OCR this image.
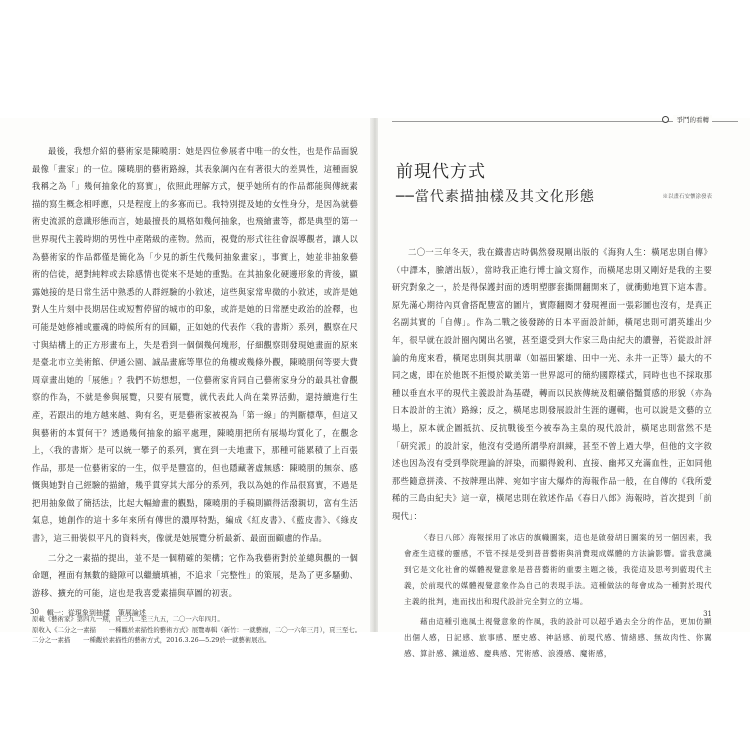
最後，我想介紹的藝術家是陳曉朋：她是四位參展者中唯一的女性，也是作品面貌最像「畫家」的一位。陳曉朋的藝術路線，其表象調內在有著很大的差異性，這種面貌我稱之為「」幾何抽象化的寫實」，依照此理解方式，便乎她所有的作品都能與傳統素描的寫生概念相呼應，只是程度上的多寡而已。我特別提及她的女性身分，是因為就藝術史流派的意識形態而言，她最擅長的風格如幾何抽象，也飛繪畫等，都是典型的第一世界現代主義時期的男性中產階級的產物。然而，視覺的形式往往會誤導觀者，讓人以為藝術家的作品都僅是簡化為「少見的新生代幾何抽象畫家」，事實上，她並非抽象藝術的信徒，絕對純粹或去除感情也從來不是她的重點。在其抽象化硬邊形象的背後，顯露她接的是日常生活中熟悉的人群經驗的小敘述，這些與家常卑微的小敘述，或許是她對人生片刻中長期居住或短暫停留的城市的印象，或許是她的日常歷史政治的詮釋，也可能是她修補或靈魂的時候所有的回顧，正如她的代表作〈我的書斯〉系列，觀察在尺寸與結構上的正方形畫布上，失是看到一個個幾何塊形，仔細觀察則發現她畫面的原來是臺北市立美術館、伊通公園、誠品畫廊等單位的角樓或幾條外觀，陳曉朋何等要大費周章畫出她的「展態」？我們不妨想想，一位藝術家肯同自己藝術家身分的最具社會觀察的作為，不就是參與展覽，只要有展覽，就代表此人尚在業界活動，還持續進行生產，若跟出的地方越來越、夠有名，更是藝術家被視為「第一線」的判斷標準，但這又與藝術的本質何干？透過幾何抽象的縮平處理，陳曉朋把所有展場均質化了，在觀念上，〈我的書斯〉是可以統一攀子的系列，實在到一夫地畫下，那種可能累積了上百張作品，那是一位藝術家的一生，似乎是豐富的，但也隱藏著虛無感：陳曉朋的無奈、感慨與她對自己經驗的描繪，幾乎貫穿其大部分的系列，我以為她的作品很寫實，不過是把用抽象做了簡括法，比起大幅繪畫的觀點，陳曉朋的手稿則顯得活潑親切，富有生活氣息，她創作的這十多年來所有傳世的濃厚特點，編成《紅皮書》、《藍皮書》、《綠皮書》，這三冊裝似平凡的資料夾，像就是她展覽分析最新、最面面顧慮的作品。

二分之一素描的提出，並不是一個精確的架構；它作為我藝術對於並總與觀的一個命題，裡面有無數的縫隙可以繼續填補，不追求「完整性」的策展，是為了更多騷動、游移、擴充的可能，這也是我喜愛素描與草圖的初衷。

原載《藝術家》第四九一期，頁三九二至三九五，二〇一六年四月。
原收入《二分之一素描　　一種觀於素描性的藝術方式》展覽專輯（新竹：一就藝廊，二〇一六年三月），頁三至七。
二分之一素描　　一種觀於素描性的藝術方式，2016.3.26—5.29於一就藝術展出。
30 輯一：從現象到抽樣 策展論述
爭鬥的看轉
前現代方式
──當代素描抽樣及其文化形態	※以畫石安懷涂發表

二〇一三年冬天，我在鐵書店時偶然發現剛出版的《海狗人生：橫尾忠則自傳》（中譯本，臉譜出版），當時我正進行博士論文寫作，而橫尾忠則又剛好是我的主要研究對象之一，於是得保護封面的透明塑膠套撕開翻開來了，就衝動地買下這本書。原先滿心期待內頁會搭配豐富的圖片，實際翻閱才發現裡面一張彩圖也沒有，是真正名副其實的「自傳」。作為二戰之後發跡的日本平面設計師，橫尾忠則可謂英雄出少年，很早就在設計圈內闖出名號，甚至還受到大作家三島由紀夫的讚譽，若從設計評論的角度來看，橫尾忠則與其朋輩（如福田繁雄、田中一光、永井一正等）最大的不同之處，即在於他既不拒慢於歐美第一世界認可的簡約國際樣式，同時也也不採取那種以垂直水平的現代主義設計為基礎，轉而以民族傳統及粗礦俗豔質感的形貌（亦為日本設計的主流）路線；反之，橫尾忠則發展設計生涯的邏輯，也可以說是文藝的立場上，原本就企圖抵抗、反抗戰後至今被奉為主臬的現代設計，橫尾忠則當然不是「研究派」的設計家，他沒有受過所謂學府訓練，甚至不曾上過大學，但他的文字敘述也因為沒有受到學院理論的評染，而顯得銳利、直接、幽邦又充滿血性，正如同他那些隨意拼湊、不按牌理出牌、宛如宇宙大爆炸的海報作品一般，在自傳的《我所愛稀的三島由紀夫》這一章，橫尾忠則在敘述作品《春日八郎》海報時，首次提到「前現代」：

〈春日八郎〉海報採用了冰店的旗幟圖案，這也是啟發胡日圖案的另一個因素，我會產生這樣的靈感，不管不採是受到普普藝術與消費現成媒體的方法論影響。當我意識到它是文化社會的媒體視覺意象是普普藝術的重要主題之後，我從這及思考到藍現代主義，於前現代的媒體視覺意象作為自己的表現手法。這種做法的每會成為一種對於現代主義的批判，進而找出和現代設計完全對立的立場。

藉由這種引進風土視覺意象的作風，我的設計可以超乎過去全分的作品，更加仿顯出個人感，日記感、旅事感、歷史感、神話感、前現代感、情緒感、無故肉性、你翼感、算計感、鐵道感、慶典感、咒術感、浪漫感、魔術感，

31
